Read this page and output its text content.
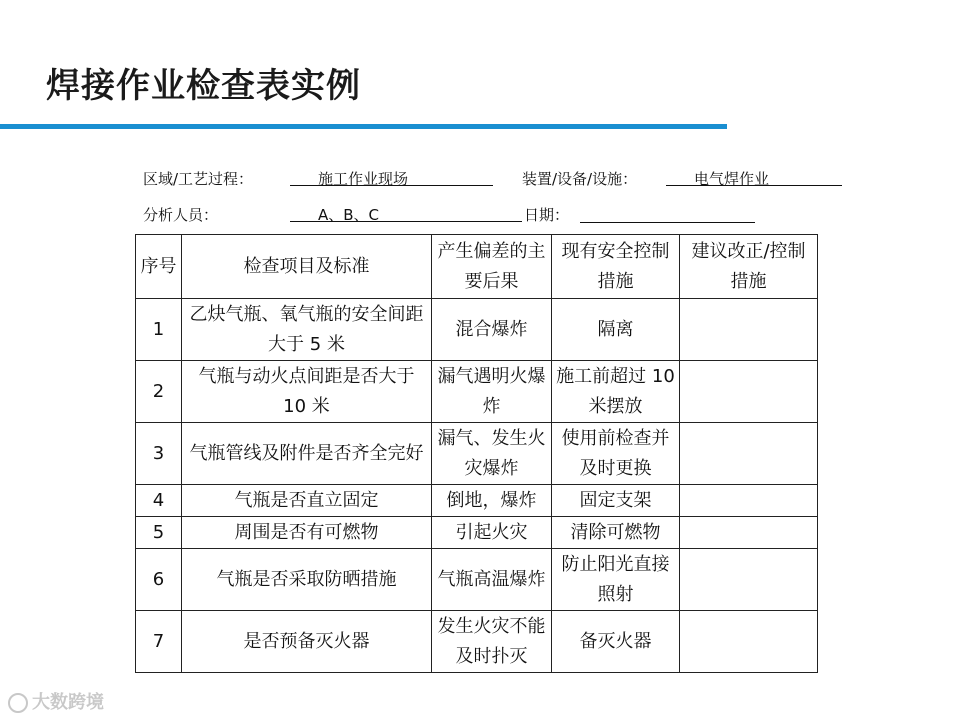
焊接作业检查表实例
区域/工艺过程：	施工作业现场	装置/设备/设施：	电气焊作业
分析人员：	A、B、C	日期：
序号	检查项目及标准	产生偏差的主要后果	现有安全控制措施	建议改正/控制措施
1	乙炔气瓶、氧气瓶的安全间距大于 5 米	混合爆炸	隔离	
2	气瓶与动火点间距是否大于 10 米	漏气遇明火爆炸	施工前超过 10 米摆放	
3	气瓶管线及附件是否齐全完好	漏气、发生火灾爆炸	使用前检查并及时更换	
4	气瓶是否直立固定	倒地，爆炸	固定支架	
5	周围是否有可燃物	引起火灾	清除可燃物	
6	气瓶是否采取防晒措施	气瓶高温爆炸	防止阳光直接照射	
7	是否预备灭火器	发生火灾不能及时扑灭	备灭火器	
大数跨境
